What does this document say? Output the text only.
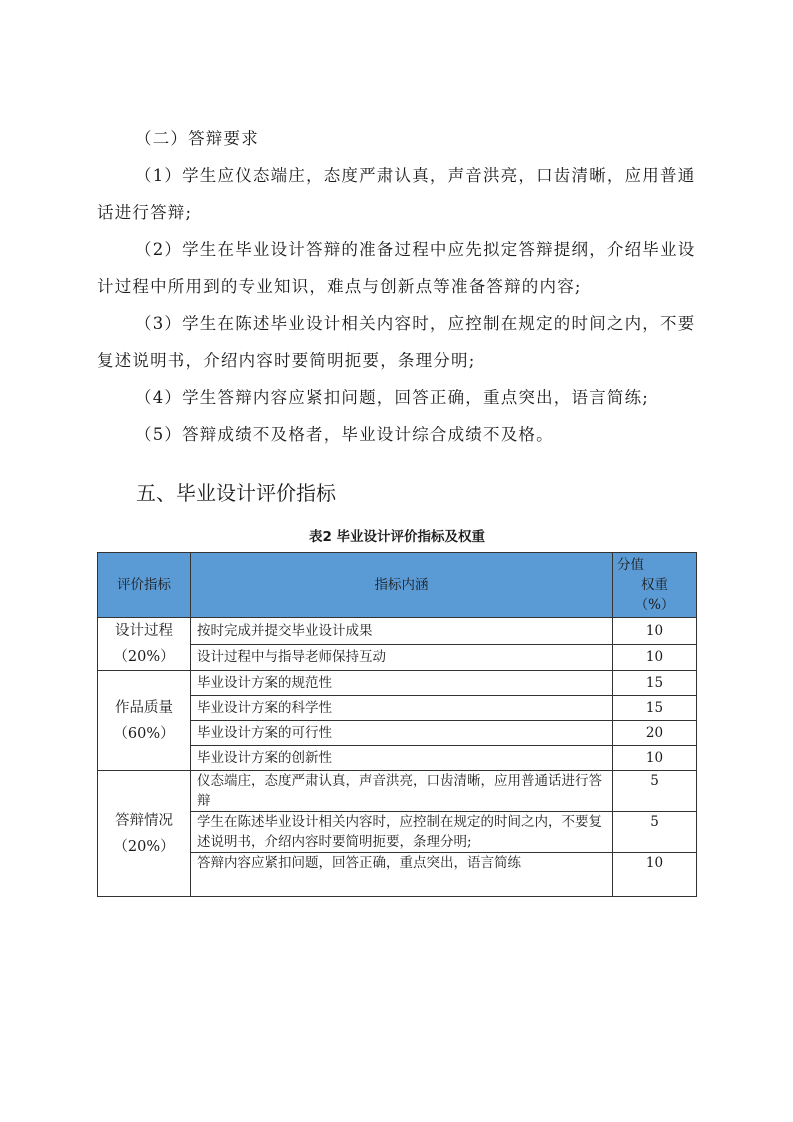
（二）答辩要求

（1）学生应仪态端庄，态度严肃认真，声音洪亮，口齿清晰，应用普通话进行答辩;

（2）学生在毕业设计答辩的准备过程中应先拟定答辩提纲，介绍毕业设计过程中所用到的专业知识，难点与创新点等准备答辩的内容;

（3）学生在陈述毕业设计相关内容时，应控制在规定的时间之内，不要复述说明书，介绍内容时要简明扼要，条理分明;

（4）学生答辩内容应紧扣问题，回答正确，重点突出，语言简练;

（5）答辩成绩不及格者，毕业设计综合成绩不及格。

五、毕业设计评价指标

表2 毕业设计评价指标及权重

评价指标	指标内涵	分值
权重
（%）

设计过程
（20%）	按时完成并提交毕业设计成果	10
	设计过程中与指导老师保持互动	10

作品质量
（60%）	毕业设计方案的规范性	15
	毕业设计方案的科学性	15
	毕业设计方案的可行性	20
	毕业设计方案的创新性	10

答辩情况
（20%）	仪态端庄，态度严肃认真，声音洪亮，口齿清晰，应用普通话进行答辩	5
	学生在陈述毕业设计相关内容时，应控制在规定的时间之内，不要复述说明书，介绍内容时要简明扼要，条理分明;	5
	答辩内容应紧扣问题，回答正确，重点突出，语言简练	10
